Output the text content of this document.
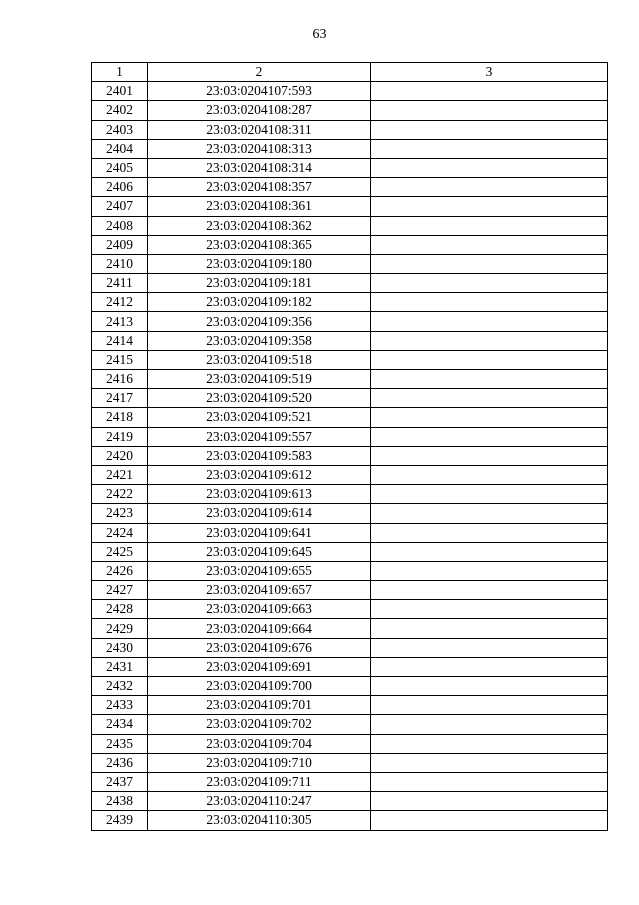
63
1	2	3
2401	23:03:0204107:593	
2402	23:03:0204108:287	
2403	23:03:0204108:311	
2404	23:03:0204108:313	
2405	23:03:0204108:314	
2406	23:03:0204108:357	
2407	23:03:0204108:361	
2408	23:03:0204108:362	
2409	23:03:0204108:365	
2410	23:03:0204109:180	
2411	23:03:0204109:181	
2412	23:03:0204109:182	
2413	23:03:0204109:356	
2414	23:03:0204109:358	
2415	23:03:0204109:518	
2416	23:03:0204109:519	
2417	23:03:0204109:520	
2418	23:03:0204109:521	
2419	23:03:0204109:557	
2420	23:03:0204109:583	
2421	23:03:0204109:612	
2422	23:03:0204109:613	
2423	23:03:0204109:614	
2424	23:03:0204109:641	
2425	23:03:0204109:645	
2426	23:03:0204109:655	
2427	23:03:0204109:657	
2428	23:03:0204109:663	
2429	23:03:0204109:664	
2430	23:03:0204109:676	
2431	23:03:0204109:691	
2432	23:03:0204109:700	
2433	23:03:0204109:701	
2434	23:03:0204109:702	
2435	23:03:0204109:704	
2436	23:03:0204109:710	
2437	23:03:0204109:711	
2438	23:03:0204110:247	
2439	23:03:0204110:305	
